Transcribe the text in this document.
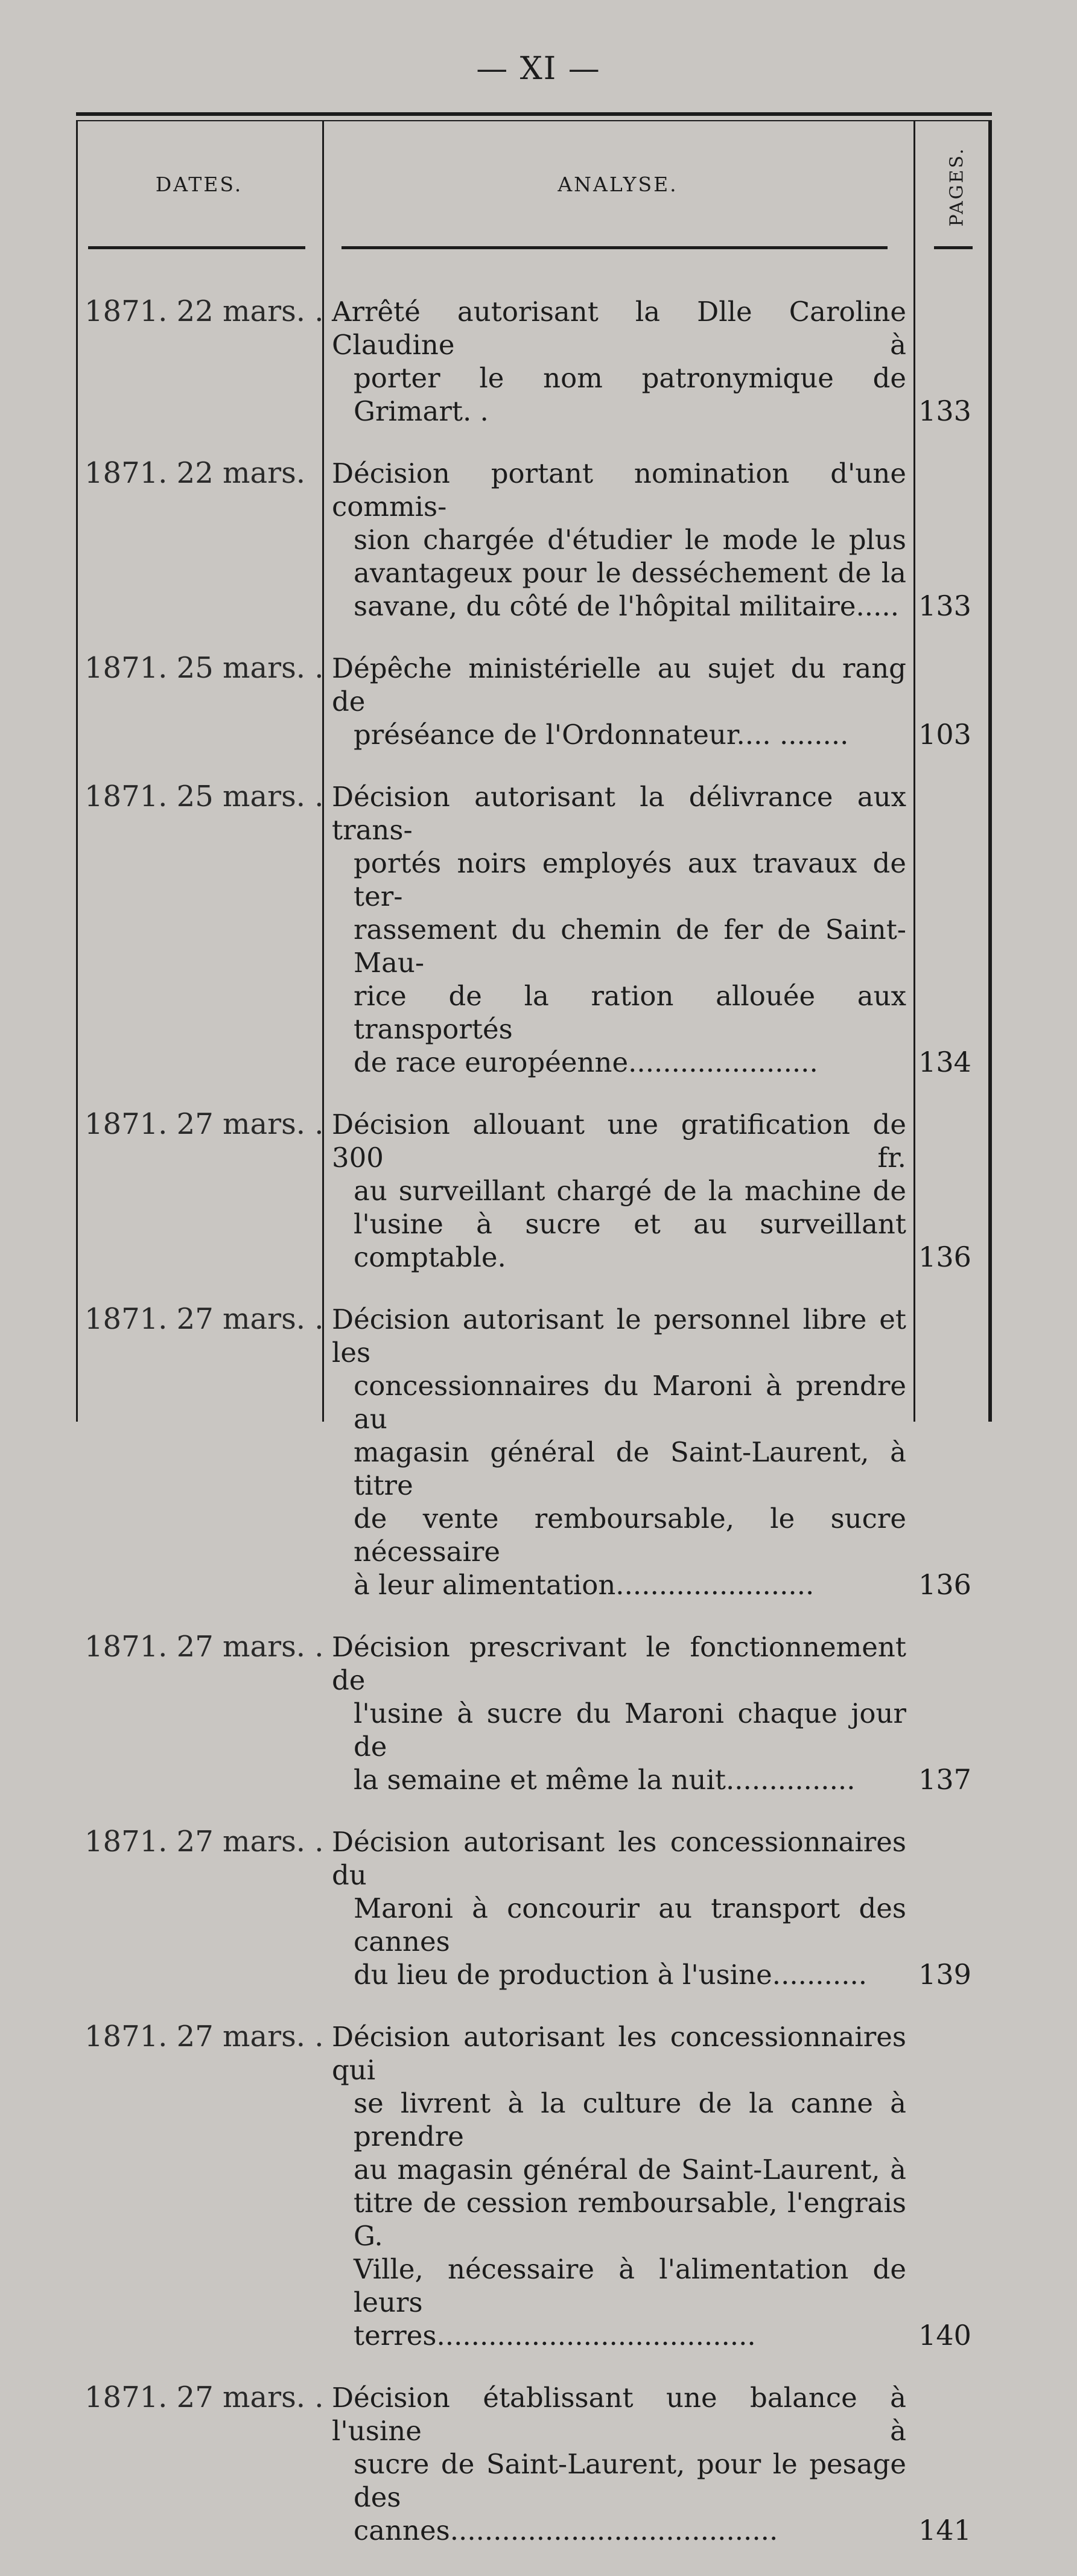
— XI —
DATES.	ANALYSE.	PAGES.
1871. 22 mars. . Arrêté autorisant la Dlle Caroline Claudine à
porter le nom patronymique de Grimart. .	133
1871. 22 mars. Décision portant nomination d'une commis-
sion chargée d'étudier le mode le plus
avantageux pour le desséchement de la
savane, du côté de l'hôpital militaire..... 133
1871. 25 mars. . Dépêche ministérielle au sujet du rang de
préséance de l'Ordonnateur.... ........	103
1871. 25 mars. . Décision autorisant la délivrance aux trans-
portés noirs employés aux travaux de ter-
rassement du chemin de fer de Saint-Mau-
rice de la ration allouée aux transportés
de race européenne......................	134
1871. 27 mars. . Décision allouant une gratification de 300 fr.
au surveillant chargé de la machine de
l'usine à sucre et au surveillant comptable.	136
1871. 27 mars. . Décision autorisant le personnel libre et les
concessionnaires du Maroni à prendre au
magasin général de Saint-Laurent, à titre
de vente remboursable, le sucre nécessaire
à leur alimentation.......................	136
1871. 27 mars. . Décision prescrivant le fonctionnement de
l'usine à sucre du Maroni chaque jour de
la semaine et même la nuit...............	137
1871. 27 mars. . Décision autorisant les concessionnaires du
Maroni à concourir au transport des cannes
du lieu de production à l'usine...........	139
1871. 27 mars. . Décision autorisant les concessionnaires qui
se livrent à la culture de la canne à prendre
au magasin général de Saint-Laurent, à
titre de cession remboursable, l'engrais G.
Ville, nécessaire à l'alimentation de leurs
terres.....................................	140
1871. 27 mars. . Décision établissant une balance à l'usine à
sucre de Saint-Laurent, pour le pesage des
cannes......................................	141
